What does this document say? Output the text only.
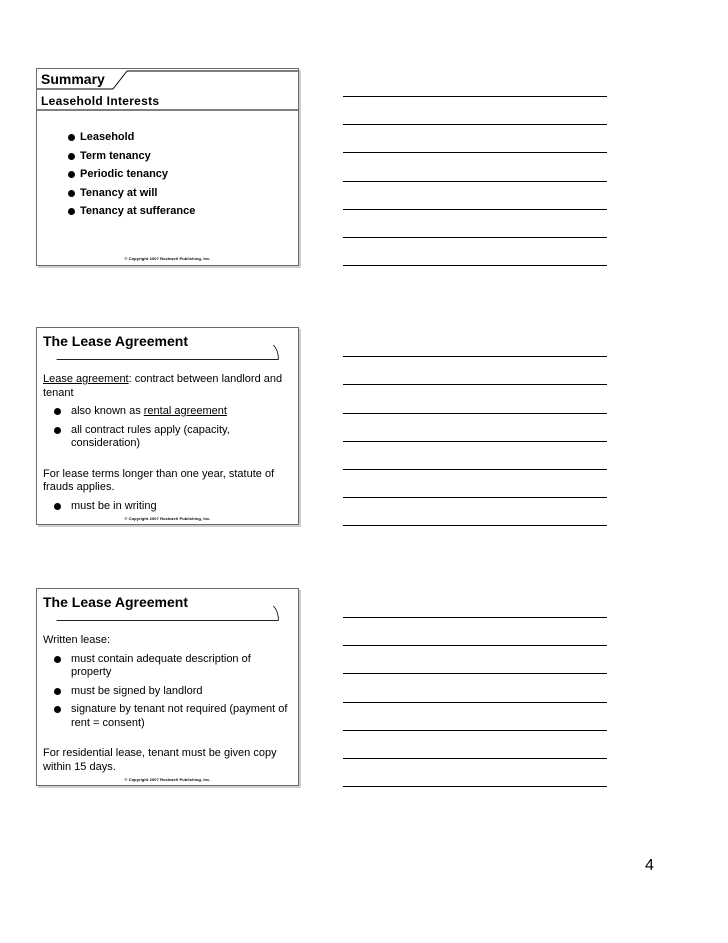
Summary
Leasehold Interests
Leasehold
Term tenancy
Periodic tenancy
Tenancy at will
Tenancy at sufferance
© Copyright 2007 Rockwell Publishing, Inc.
The Lease Agreement

Lease agreement: contract between landlord and tenant

also known as rental agreement
all contract rules apply (capacity, consideration)

For lease terms longer than one year, statute of frauds applies.

must be in writing
© Copyright 2007 Rockwell Publishing, Inc.
The Lease Agreement

Written lease:

must contain adequate description of property
must be signed by landlord
signature by tenant not required (payment of rent = consent)

For residential lease, tenant must be given copy within 15 days.

© Copyright 2007 Rockwell Publishing, Inc.
4
